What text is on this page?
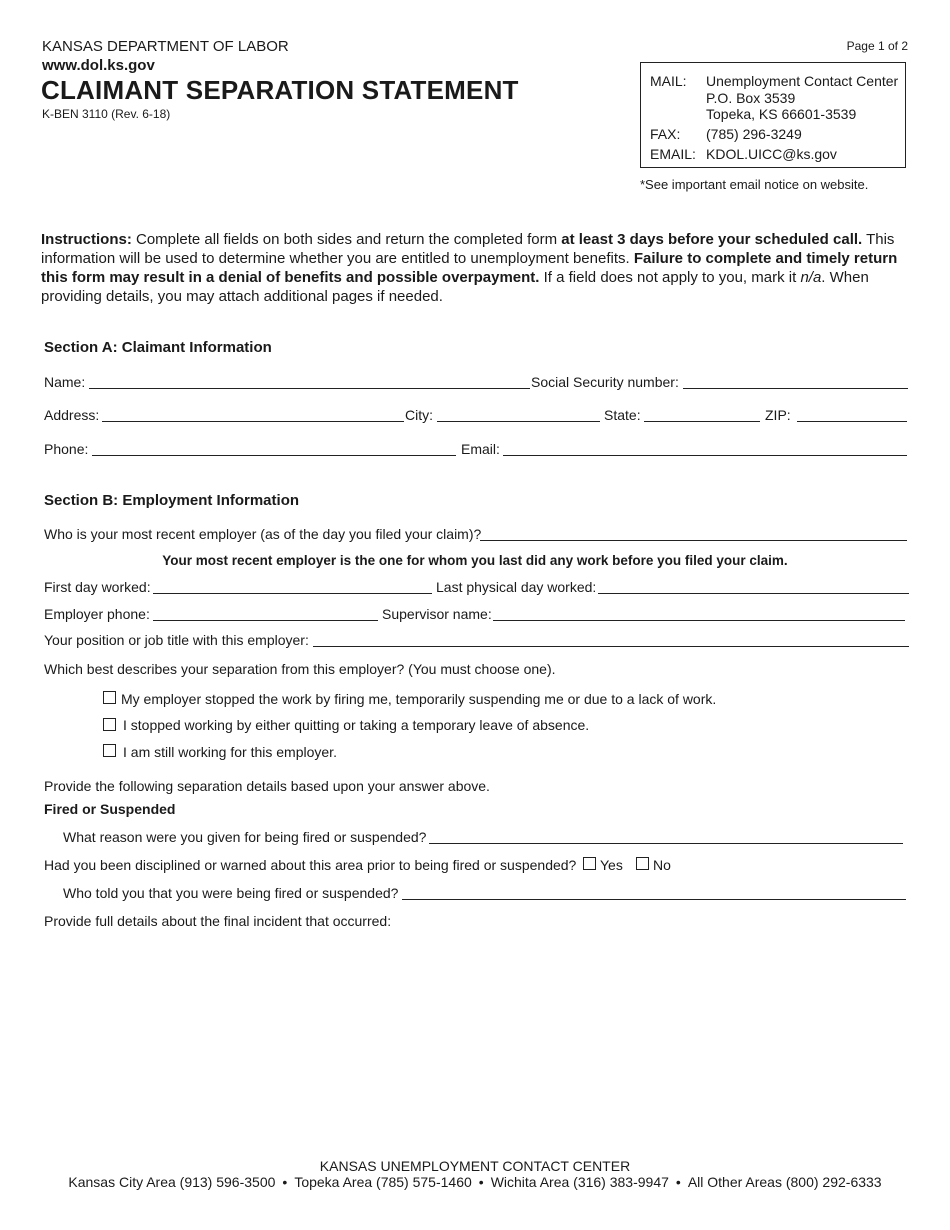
KANSAS DEPARTMENT OF LABOR
www.dol.ks.gov
CLAIMANT SEPARATION STATEMENT
K-BEN 3110 (Rev. 6-18)
Page 1 of 2
MAIL: Unemployment Contact Center
P.O. Box 3539
Topeka, KS 66601-3539
FAX: (785) 296-3249
EMAIL: KDOL.UICC@ks.gov
*See important email notice on website.
Instructions: Complete all fields on both sides and return the completed form at least 3 days before your scheduled call. This information will be used to determine whether you are entitled to unemployment benefits. Failure to complete and timely return this form may result in a denial of benefits and possible overpayment. If a field does not apply to you, mark it n/a. When providing details, you may attach additional pages if needed.
Section A: Claimant Information
Name:	Social Security number:
Address:	City:	State:	ZIP:
Phone:	Email:
Section B: Employment Information
Who is your most recent employer (as of the day you filed your claim)?
Your most recent employer is the one for whom you last did any work before you filed your claim.
First day worked:	Last physical day worked:
Employer phone:	Supervisor name:
Your position or job title with this employer:
Which best describes your separation from this employer? (You must choose one).
My employer stopped the work by firing me, temporarily suspending me or due to a lack of work.
I stopped working by either quitting or taking a temporary leave of absence.
I am still working for this employer.
Provide the following separation details based upon your answer above.
Fired or Suspended
What reason were you given for being fired or suspended?
Had you been disciplined or warned about this area prior to being fired or suspended? Yes No
Who told you that you were being fired or suspended?
Provide full details about the final incident that occurred:
KANSAS UNEMPLOYMENT CONTACT CENTER
Kansas City Area (913) 596-3500 • Topeka Area (785) 575-1460 • Wichita Area (316) 383-9947 • All Other Areas (800) 292-6333
